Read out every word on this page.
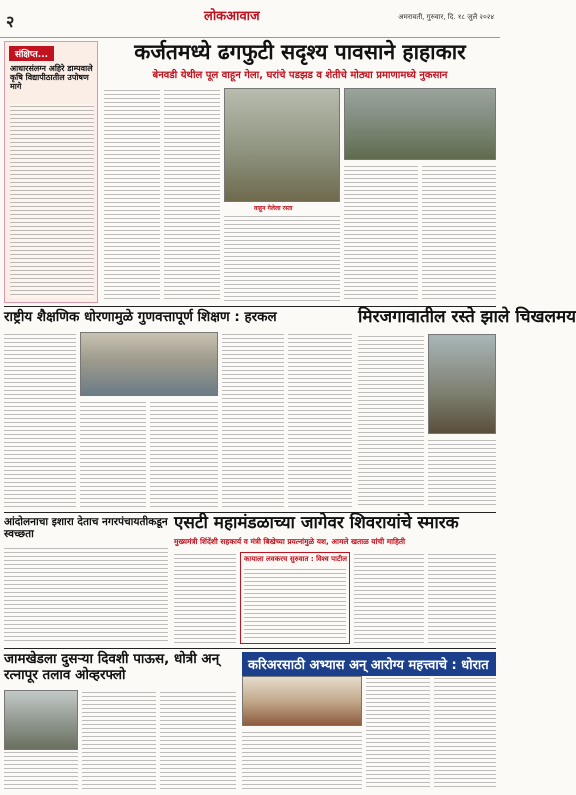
२	लोकआवाज	अमरावती, गुरुवार, दि. १८ जुलै २०२४
संक्षिप्त...
आधारसंलग्न अहिरे डाम्पवाले कृषि विद्यापीठातील उपोषण मागे
कर्जतमध्ये ढगफुटी सदृश्य पावसाने हाहाकार
बेनवडी येथील पूल वाहून गेला, घरांचे पडझड व शेतीचे मोठ्या प्रमाणामध्ये नुकसान
वाहून गेलेला रस्ता
राष्ट्रीय शैक्षणिक धोरणामुळे गुणवत्तापूर्ण शिक्षण : हरकल	मिरजगावातील रस्ते झाले चिखलमय
आंदोलनाचा इशारा देताच नगरपंचायतीकडून स्वच्छता
एसटी महामंडळाच्या जागेवर शिवरायांचे स्मारक
मुख्यमंत्री शिंदेंशी सहकार्य व मंत्री बिखेच्या प्रयत्नांमुळे यश, आमले खताळ यांची माहिती
कायाला लवकरच सुरुवात : विश्व पाटील
जामखेडला दुसऱ्या दिवशी पाऊस, धोत्री अन् रत्नापूर तलाव ओव्हरफ्लो
करिअरसाठी अभ्यास अन् आरोग्य महत्त्वाचे : धोरात
